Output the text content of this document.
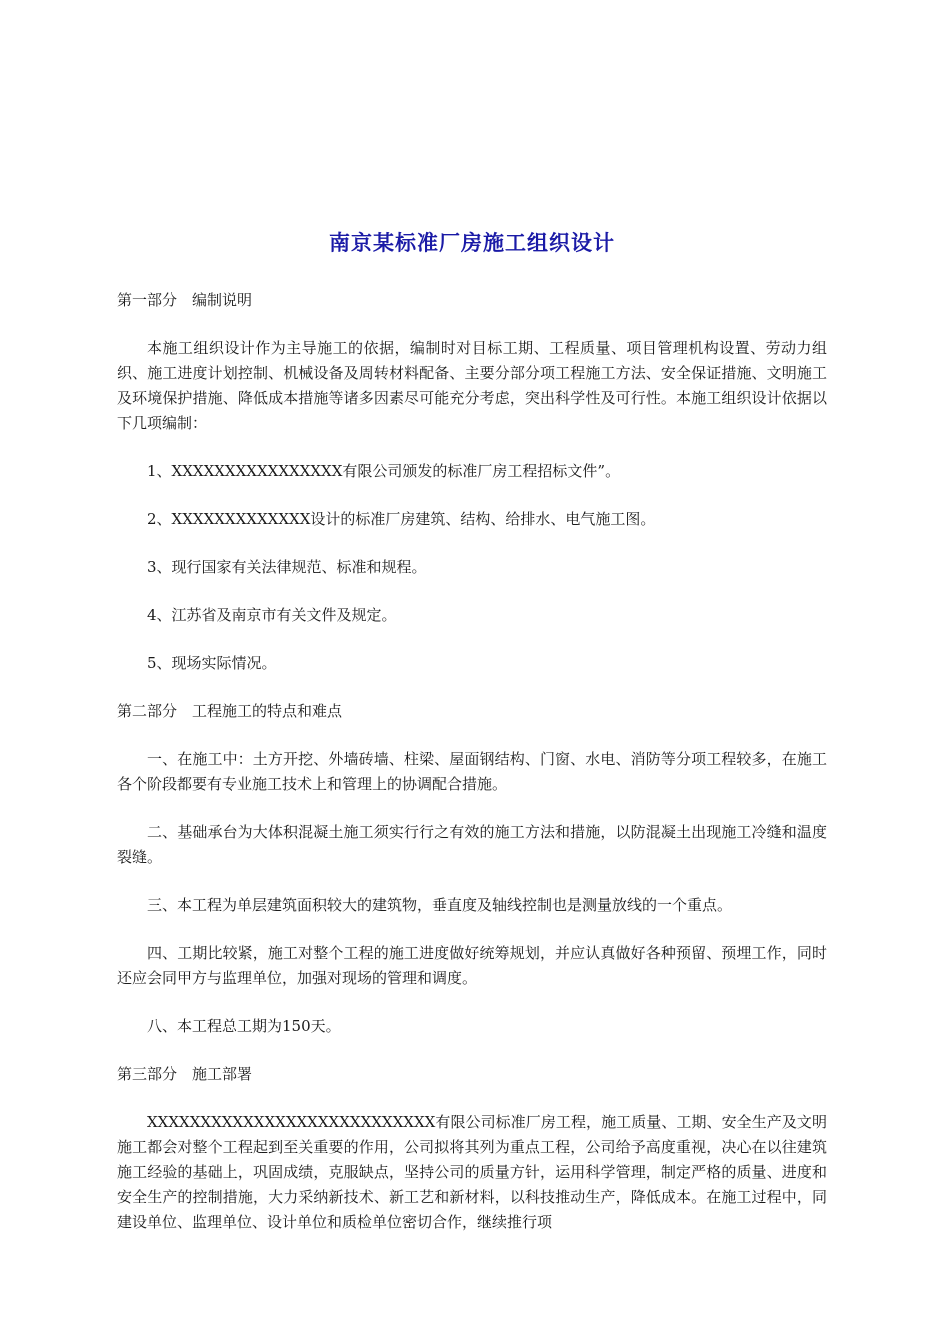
南京某标准厂房施工组织设计

第一部分　编制说明

本施工组织设计作为主导施工的依据，编制时对目标工期、工程质量、项目管理机构设置、劳动力组织、施工进度计划控制、机械设备及周转材料配备、主要分部分项工程施工方法、安全保证措施、文明施工及环境保护措施、降低成本措施等诸多因素尽可能充分考虑，突出科学性及可行性。本施工组织设计依据以下几项编制：

1、XXXXXXXXXXXXXXXX有限公司颁发的标准厂房工程招标文件”。

2、XXXXXXXXXXXXX设计的标准厂房建筑、结构、给排水、电气施工图。

3、现行国家有关法律规范、标准和规程。

4、江苏省及南京市有关文件及规定。

5、现场实际情况。

第二部分　工程施工的特点和难点

一、在施工中：土方开挖、外墙砖墙、柱梁、屋面钢结构、门窗、水电、消防等分项工程较多，在施工各个阶段都要有专业施工技术上和管理上的协调配合措施。

二、基础承台为大体积混凝土施工须实行行之有效的施工方法和措施，以防混凝土出现施工冷缝和温度裂缝。

三、本工程为单层建筑面积较大的建筑物，垂直度及轴线控制也是测量放线的一个重点。

四、工期比较紧，施工对整个工程的施工进度做好统筹规划，并应认真做好各种预留、预埋工作，同时还应会同甲方与监理单位，加强对现场的管理和调度。

八、本工程总工期为150天。

第三部分　施工部署

XXXXXXXXXXXXXXXXXXXXXXXXXXX有限公司标准厂房工程，施工质量、工期、安全生产及文明施工都会对整个工程起到至关重要的作用，公司拟将其列为重点工程，公司给予高度重视，决心在以往建筑施工经验的基础上，巩固成绩，克服缺点，坚持公司的质量方针，运用科学管理，制定严格的质量、进度和安全生产的控制措施，大力采纳新技术、新工艺和新材料，以科技推动生产，降低成本。在施工过程中，同建设单位、监理单位、设计单位和质检单位密切合作，继续推行项
